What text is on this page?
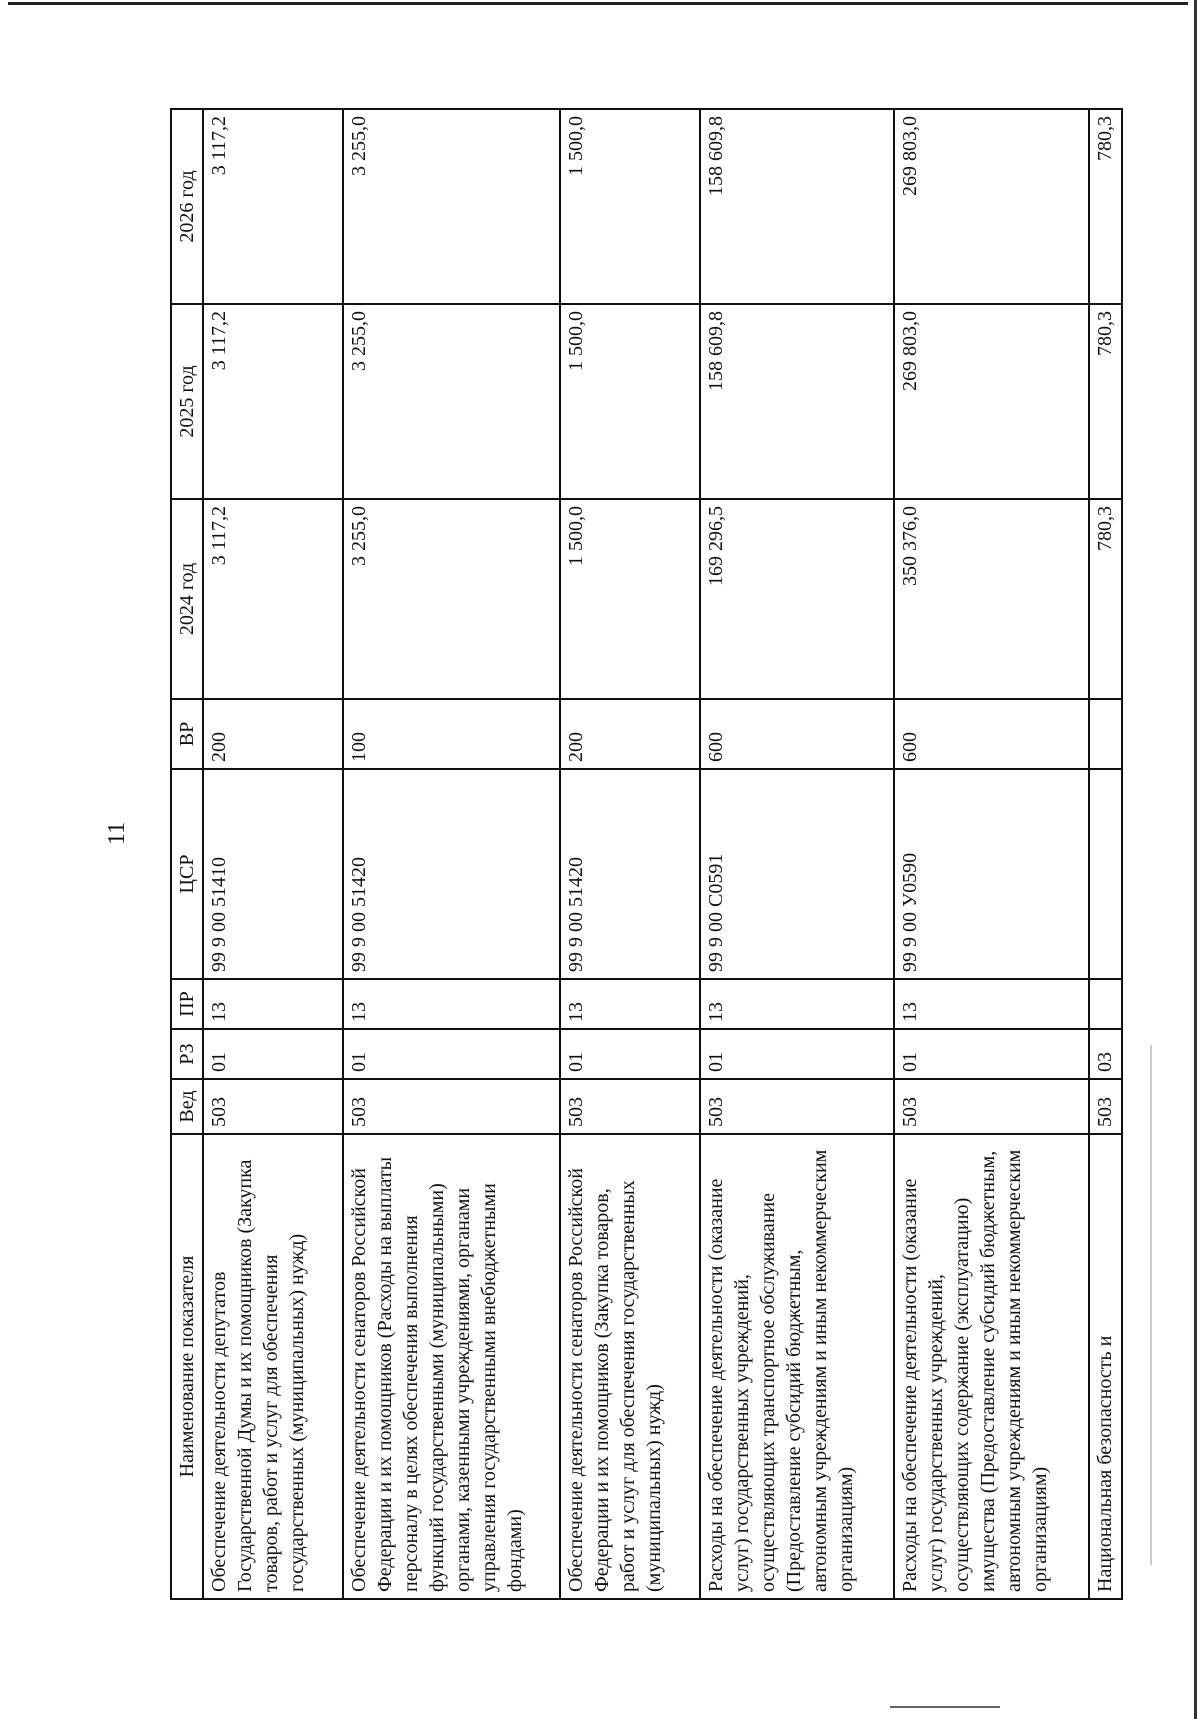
11
Наименование показателя	Вед	РЗ	ПР	ЦСР	ВР	2024 год	2025 год	2026 год
Обеспечение деятельности депутатов Государственной Думы и их помощников (Закупка товаров, работ и услуг для обеспечения государственных (муниципальных) нужд)	503	01	13	99 9 00 51410	200	3 117,2	3 117,2	3 117,2
Обеспечение деятельности сенаторов Российской Федерации и их помощников (Расходы на выплаты персоналу в целях обеспечения выполнения функций государственными (муниципальными) органами, казенными учреждениями, органами управления государственными внебюджетными фондами)	503	01	13	99 9 00 51420	100	3 255,0	3 255,0	3 255,0
Обеспечение деятельности сенаторов Российской Федерации и их помощников (Закупка товаров, работ и услуг для обеспечения государственных (муниципальных) нужд)	503	01	13	99 9 00 51420	200	1 500,0	1 500,0	1 500,0
Расходы на обеспечение деятельности (оказание услуг) государственных учреждений, осуществляющих транспортное обслуживание (Предоставление субсидий бюджетным, автономным учреждениям и иным некоммерческим организациям)	503	01	13	99 9 00 С0591	600	169 296,5	158 609,8	158 609,8
Расходы на обеспечение деятельности (оказание услуг) государственных учреждений, осуществляющих содержание (эксплуатацию) имущества (Предоставление субсидий бюджетным, автономным учреждениям и иным некоммерческим организациям)	503	01	13	99 9 00 У0590	600	350 376,0	269 803,0	269 803,0
Национальная безопасность и	503	03				780,3	780,3	780,3
